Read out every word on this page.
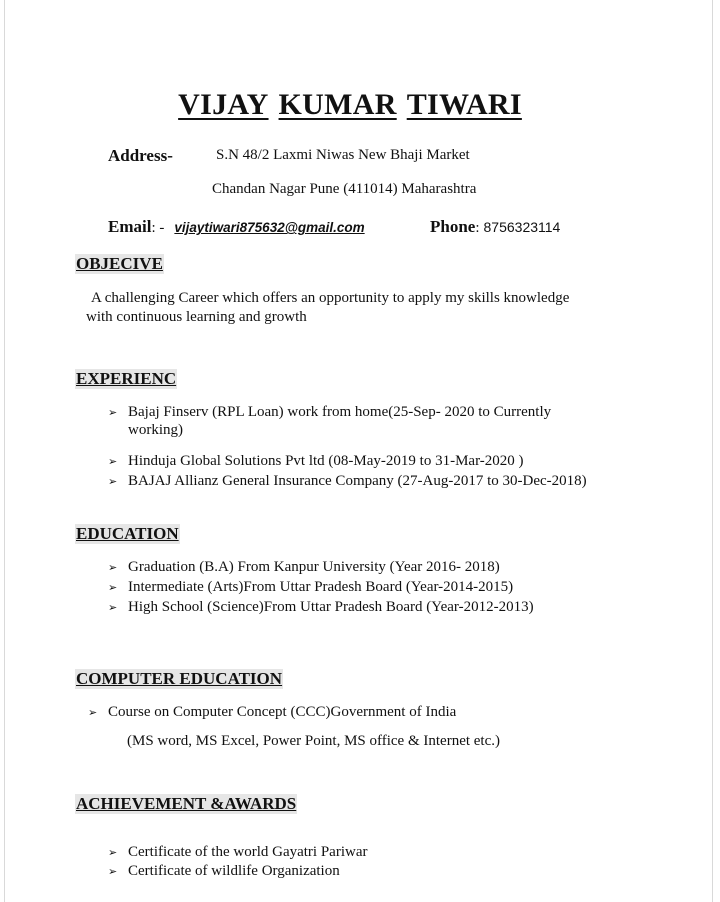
VIJAY KUMAR TIWARI
Address-	S.N 48/2 Laxmi Niwas New Bhaji Market
Chandan Nagar Pune (411014) Maharashtra
Email: - vijaytiwari875632@gmail.com	Phone: 8756323114
OBJECIVE
A challenging Career which offers an opportunity to apply my skills knowledge
with continuous learning and growth
EXPERIENC
➢ Bajaj Finserv (RPL Loan) work from home(25-Sep- 2020 to Currently
working)
➢ Hinduja Global Solutions Pvt ltd (08-May-2019 to 31-Mar-2020 )
➢ BAJAJ Allianz General Insurance Company (27-Aug-2017 to 30-Dec-2018)
EDUCATION
➢ Graduation (B.A) From Kanpur University (Year 2016- 2018)
➢ Intermediate (Arts)From Uttar Pradesh Board (Year-2014-2015)
➢ High School (Science)From Uttar Pradesh Board (Year-2012-2013)
COMPUTER EDUCATION
➢ Course on Computer Concept (CCC)Government of India
(MS word, MS Excel, Power Point, MS office & Internet etc.)
ACHIEVEMENT &AWARDS
➢ Certificate of the world Gayatri Pariwar
➢ Certificate of wildlife Organization
